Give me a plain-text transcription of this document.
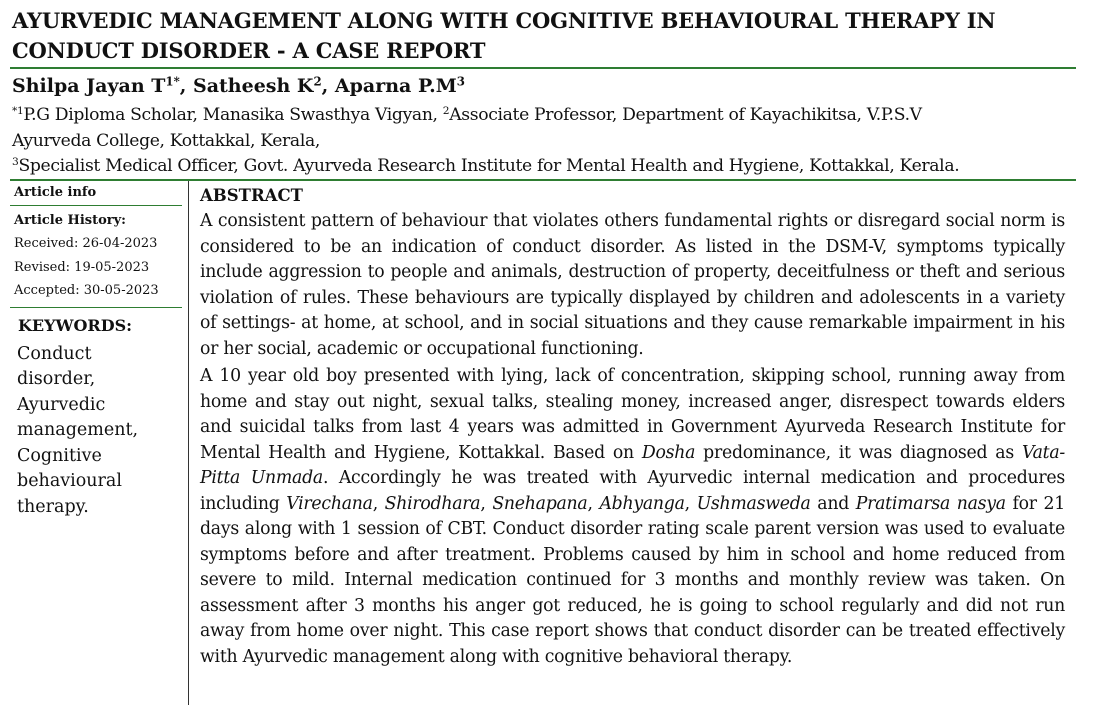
AYURVEDIC MANAGEMENT ALONG WITH COGNITIVE BEHAVIOURAL THERAPY IN CONDUCT DISORDER - A CASE REPORT
Shilpa Jayan $T^{1*}$, Satheesh $K^2$, Aparna $P.M^3$
$^{*1}$P.G Diploma Scholar, Manasika Swasthya Vigyan, $^2$Associate Professor, Department of Kayachikitsa, V.P.S.V
Ayurveda College, Kottakkal, Kerala,
$^3$Specialist Medical Officer, Govt. Ayurveda Research Institute for Mental Health and Hygiene, Kottakkal, Kerala.
Article info
Article History:
Received: 26-04-2023
Revised: 19-05-2023
Accepted: 30-05-2023
KEYWORDS:
Conduct disorder, Ayurvedic management, Cognitive behavioural therapy.
ABSTRACT

A consistent pattern of behaviour that violates others fundamental rights or disregard social norm is considered to be an indication of conduct disorder. As listed in the DSM-V, symptoms typically include aggression to people and animals, destruction of property, deceitfulness or theft and serious violation of rules. These behaviours are typically displayed by children and adolescents in a variety of settings- at home, at school, and in social situations and they cause remarkable impairment in his or her social, academic or occupational functioning.

A 10 year old boy presented with lying, lack of concentration, skipping school, running away from home and stay out night, sexual talks, stealing money, increased anger, disrespect towards elders and suicidal talks from last 4 years was admitted in Government Ayurveda Research Institute for Mental Health and Hygiene, Kottakkal. Based on Dosha predominance, it was diagnosed as Vata-Pitta Unmada. Accordingly he was treated with Ayurvedic internal medication and procedures including Virechana, Shirodhara, Snehapana, Abhyanga, Ushmasweda and Pratimarsa nasya for 21 days along with 1 session of CBT. Conduct disorder rating scale parent version was used to evaluate symptoms before and after treatment. Problems caused by him in school and home reduced from severe to mild. Internal medication continued for 3 months and monthly review was taken. On assessment after 3 months his anger got reduced, he is going to school regularly and did not run away from home over night. This case report shows that conduct disorder can be treated effectively with Ayurvedic management along with cognitive behavioral therapy.
